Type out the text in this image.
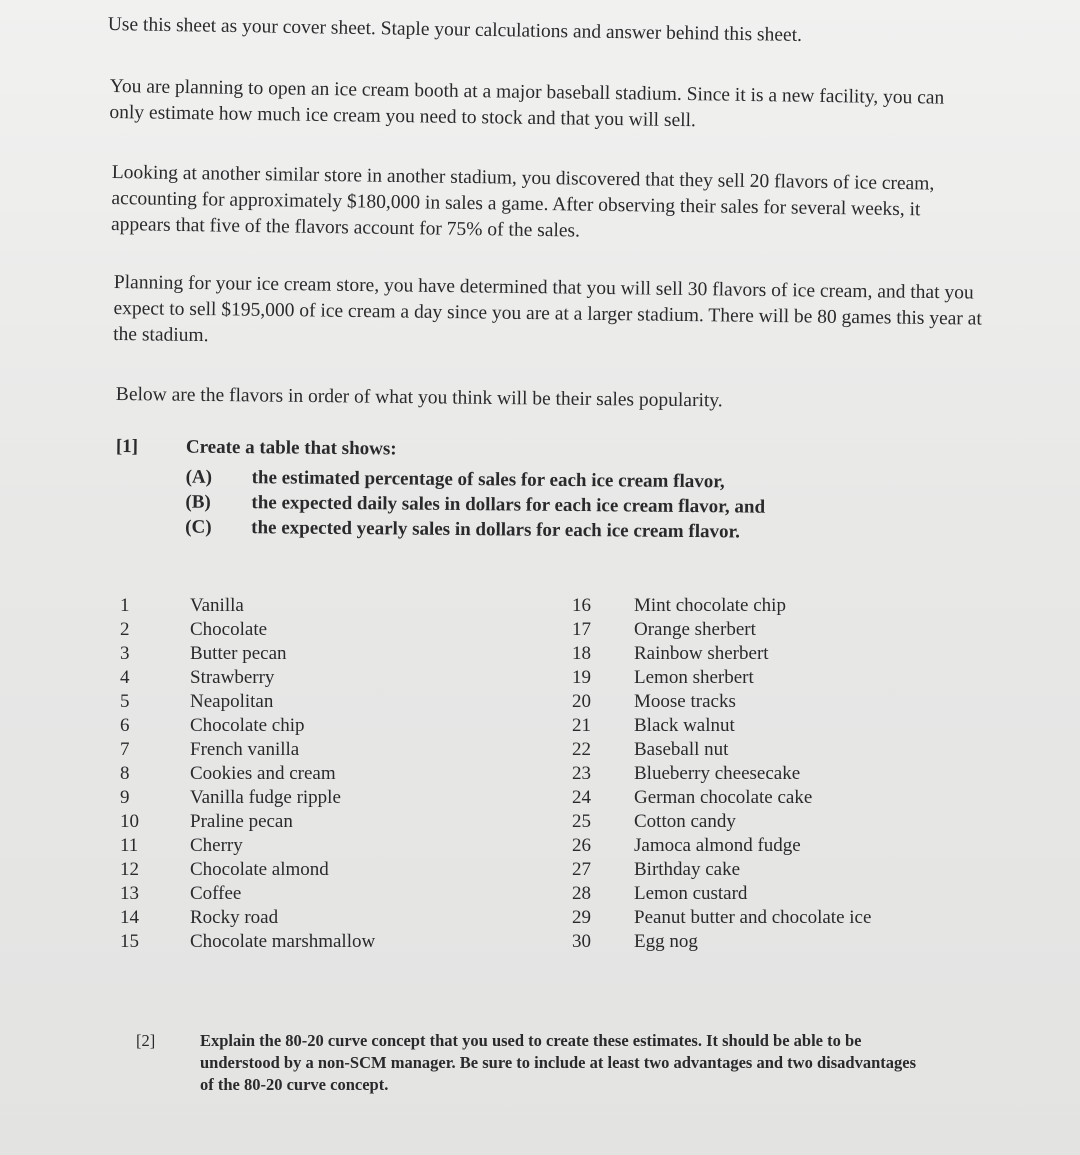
Use this sheet as your cover sheet. Staple your calculations and answer behind this sheet.
You are planning to open an ice cream booth at a major baseball stadium. Since it is a new facility, you can only estimate how much ice cream you need to stock and that you will sell.
Looking at another similar store in another stadium, you discovered that they sell 20 flavors of ice cream, accounting for approximately $180,000 in sales a game. After observing their sales for several weeks, it appears that five of the flavors account for 75% of the sales.
Planning for your ice cream store, you have determined that you will sell 30 flavors of ice cream, and that you expect to sell $195,000 of ice cream a day since you are at a larger stadium. There will be 80 games this year at the stadium.
Below are the flavors in order of what you think will be their sales popularity.
[1]	Create a table that shows:
(A) the estimated percentage of sales for each ice cream flavor,
(B) the expected daily sales in dollars for each ice cream flavor, and
(C) the expected yearly sales in dollars for each ice cream flavor.
1	Vanilla
2	Chocolate
3	Butter pecan
4	Strawberry
5	Neapolitan
6	Chocolate chip
7	French vanilla
8	Cookies and cream
9	Vanilla fudge ripple
10	Praline pecan
11	Cherry
12	Chocolate almond
13	Coffee
14	Rocky road
15	Chocolate marshmallow
16	Mint chocolate chip
17	Orange sherbert
18	Rainbow sherbert
19	Lemon sherbert
20	Moose tracks
21	Black walnut
22	Baseball nut
23	Blueberry cheesecake
24	German chocolate cake
25	Cotton candy
26	Jamoca almond fudge
27	Birthday cake
28	Lemon custard
29	Peanut butter and chocolate ice
30	Egg nog
[2]	Explain the 80-20 curve concept that you used to create these estimates. It should be able to be understood by a non-SCM manager. Be sure to include at least two advantages and two disadvantages of the 80-20 curve concept.
